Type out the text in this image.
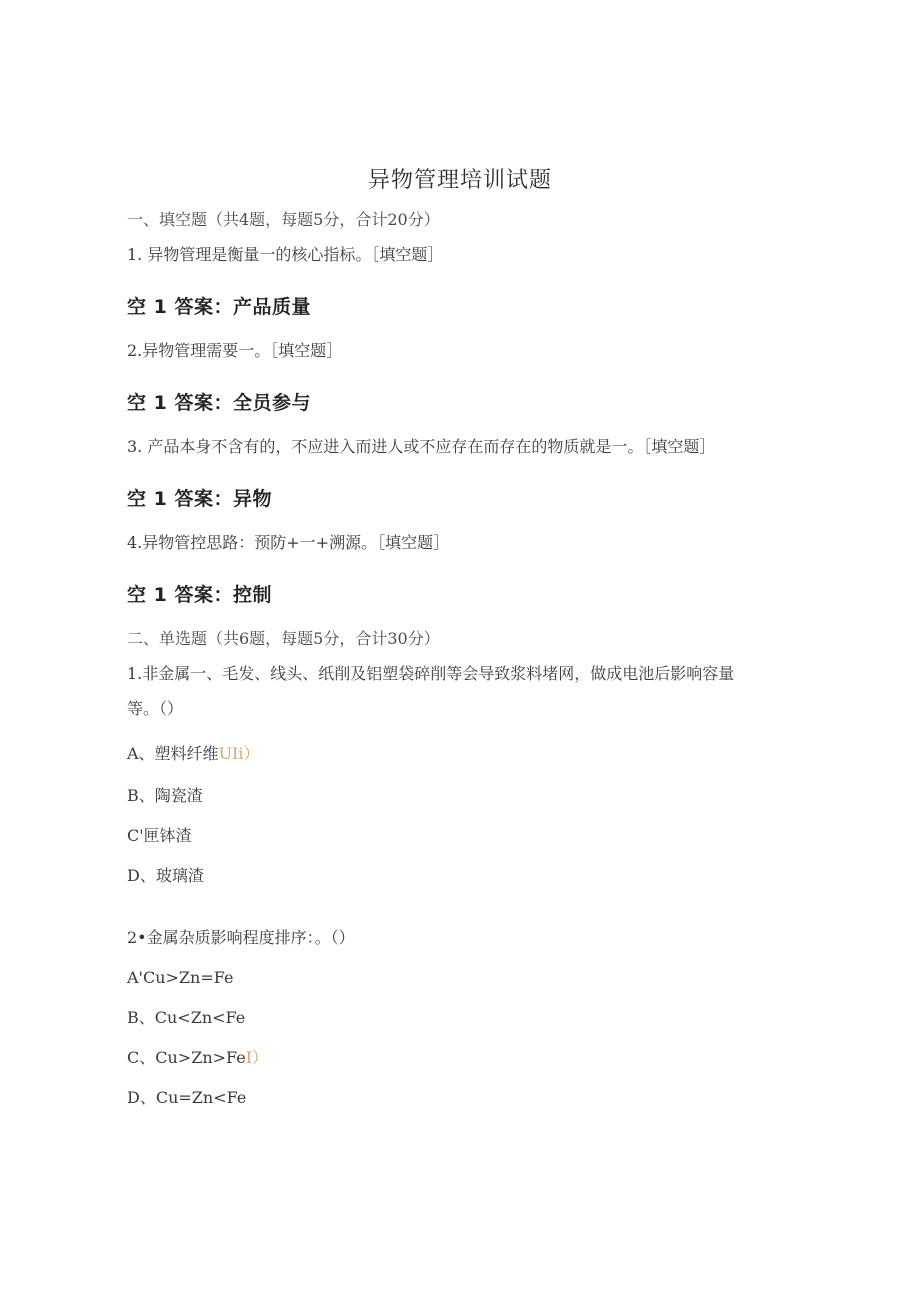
异物管理培训试题
一、填空题（共4题，每题5分，合计20分）
1. 异物管理是衡量一的核心指标。［填空题］
空 1 答案：产品质量
2.异物管理需要一。［填空题］
空 1 答案：全员参与
3. 产品本身不含有的，不应进入而进人或不应存在而存在的物质就是一。［填空题］
空 1 答案：异物
4.异物管控思路：预防+一+溯源。［填空题］
空 1 答案：控制
二、单选题（共6题，每题5分，合计30分）
1.非金属一、毛发、线头、纸削及铝塑袋碎削等会导致浆料堵网，做成电池后影响容量
等。（）
A、塑料纤维UIi）
B、陶瓷渣
C'匣钵渣
D、玻璃渣
2•金属杂质影响程度排序：。（）
A'Cu>Zn=Fe
B、Cu<Zn<Fe
C、Cu>Zn>FeI）
D、Cu=Zn<Fe
